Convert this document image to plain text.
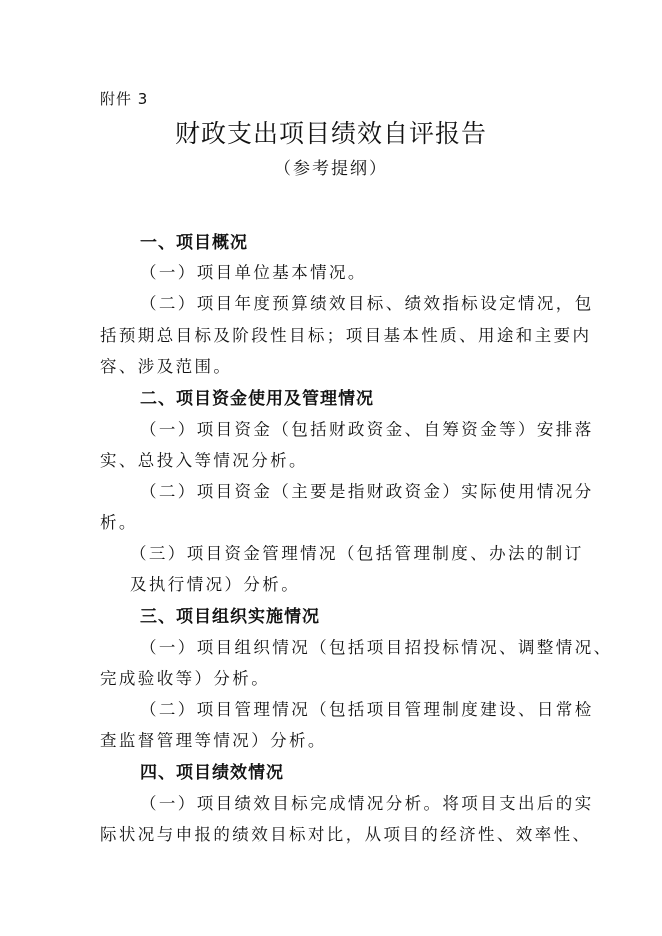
附件 3
财政支出项目绩效自评报告
（参考提纲）
一、项目概况
（一）项目单位基本情况。
（二）项目年度预算绩效目标、绩效指标设定情况，包
括预期总目标及阶段性目标；项目基本性质、用途和主要内
容、涉及范围。
二、项目资金使用及管理情况
（一）项目资金（包括财政资金、自筹资金等）安排落
实、总投入等情况分析。
（二）项目资金（主要是指财政资金）实际使用情况分
析。
（三）项目资金管理情况（包括管理制度、办法的制订
及执行情况）分析。
三、项目组织实施情况
（一）项目组织情况（包括项目招投标情况、调整情况、
完成验收等）分析。
（二）项目管理情况（包括项目管理制度建设、日常检
查监督管理等情况）分析。
四、项目绩效情况
（一）项目绩效目标完成情况分析。将项目支出后的实
际状况与申报的绩效目标对比，从项目的经济性、效率性、
